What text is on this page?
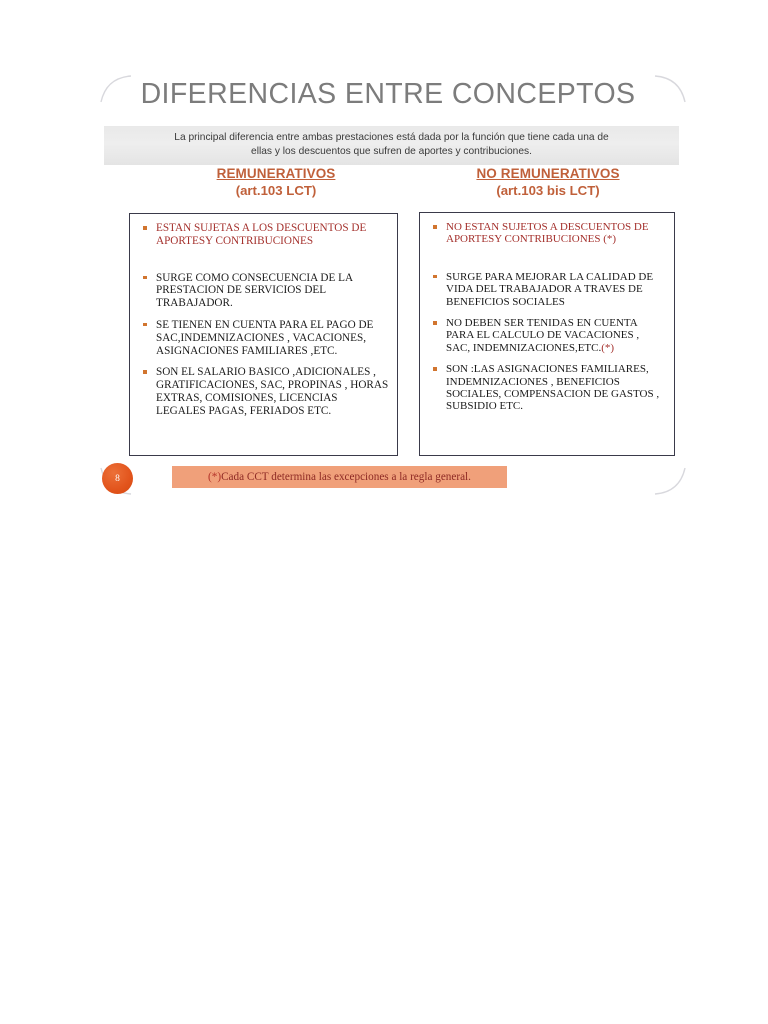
DIFERENCIAS ENTRE CONCEPTOS
La principal diferencia entre ambas prestaciones está dada por la función que tiene cada una de
ellas y los descuentos que sufren de aportes y contribuciones.
REMUNERATIVOS
(art.103 LCT)
NO REMUNERATIVOS
(art.103 bis LCT)
ESTAN SUJETAS A LOS DESCUENTOS DE APORTESY CONTRIBUCIONES
SURGE COMO CONSECUENCIA DE LA PRESTACION DE SERVICIOS DEL TRABAJADOR.
SE TIENEN EN CUENTA PARA EL PAGO DE SAC,INDEMNIZACIONES , VACACIONES, ASIGNACIONES FAMILIARES ,ETC.
SON EL SALARIO BASICO ,ADICIONALES , GRATIFICACIONES, SAC, PROPINAS , HORAS EXTRAS, COMISIONES, LICENCIAS LEGALES PAGAS, FERIADOS ETC.
NO ESTAN SUJETOS A DESCUENTOS DE APORTESY CONTRIBUCIONES (*)
SURGE PARA MEJORAR LA CALIDAD DE VIDA DEL TRABAJADOR A TRAVES DE BENEFICIOS SOCIALES
NO DEBEN SER TENIDAS EN CUENTA PARA EL CALCULO DE VACACIONES , SAC, INDEMNIZACIONES,ETC.(*)
SON :LAS ASIGNACIONES FAMILIARES, INDEMNIZACIONES , BENEFICIOS SOCIALES, COMPENSACION DE GASTOS , SUBSIDIO ETC.
8	(*) Cada CCT determina las excepciones a la regla general.
